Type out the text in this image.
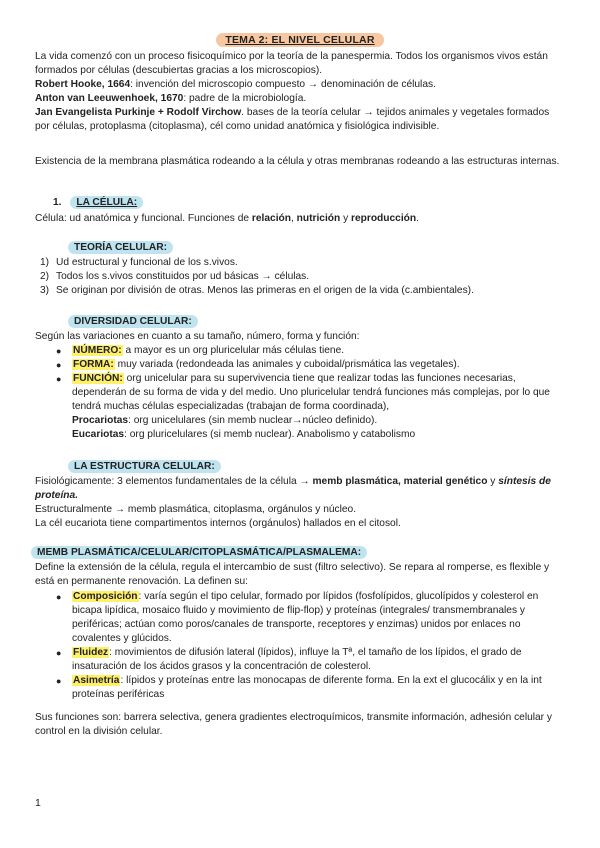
TEMA 2: EL NIVEL CELULAR
La vida comenzó con un proceso fisicoquímico por la teoría de la panespermia. Todos los organismos vivos están formados por células (descubiertas gracias a los microscopios).
Robert Hooke, 1664: invención del microscopio compuesto → denominación de células.
Anton van Leeuwenhoek, 1670: padre de la microbiología.
Jan Evangelista Purkinje + Rodolf Virchow. bases de la teoría celular → tejidos animales y vegetales formados por células, protoplasma (citoplasma), cél como unidad anatómica y fisiológica indivisible.
Existencia de la membrana plasmática rodeando a la célula y otras membranas rodeando a las estructuras internas.
1. LA CÉLULA:
Célula: ud anatómica y funcional. Funciones de relación, nutrición y reproducción.
TEORÍA CELULAR:
1) Ud estructural y funcional de los s.vivos.
2) Todos los s.vivos constituidos por ud básicas → células.
3) Se originan por división de otras. Menos las primeras en el origen de la vida (c.ambientales).
DIVERSIDAD CELULAR:
Según las variaciones en cuanto a su tamaño, número, forma y función:
● NÚMERO: a mayor es un org pluricelular más células tiene.
● FORMA: muy variada (redondeada las animales y cuboidal/prismática las vegetales).
● FUNCIÓN: org unicelular para su supervivencia tiene que realizar todas las funciones necesarias, dependerán de su forma de vida y del medio. Uno pluricelular tendrá funciones más complejas, por lo que tendrá muchas células especializadas (trabajan de forma coordinada),
Procariotas: org unicelulares (sin memb nuclear→núcleo definido).
Eucariotas: org pluricelulares (si memb nuclear). Anabolismo y catabolismo
LA ESTRUCTURA CELULAR:
Fisiológicamente: 3 elementos fundamentales de la célula → memb plasmática, material genético y síntesis de proteína.
Estructuralmente → memb plasmática, citoplasma, orgánulos y núcleo.
La cél eucariota tiene compartimentos internos (orgánulos) hallados en el citosol.
MEMB PLASMÁTICA/CELULAR/CITOPLASMÁTICA/PLASMALEMA:
Define la extensión de la célula, regula el intercambio de sust (filtro selectivo). Se repara al romperse, es flexible y está en permanente renovación. La definen su:
● Composición: varía según el tipo celular, formado por lípidos (fosfolípidos, glucolípidos y colesterol en bicapa lipídica, mosaico fluido y movimiento de flip-flop) y proteínas (integrales/ transmembranales y periféricas; actúan como poros/canales de transporte, receptores y enzimas) unidos por enlaces no covalentes y glúcidos.
● Fluidez: movimientos de difusión lateral (lípidos), influye la Tª, el tamaño de los lípidos, el grado de insaturación de los ácidos grasos y la concentración de colesterol.
● Asimetría: lípidos y proteínas entre las monocapas de diferente forma. En la ext el glucocálix y en la int proteínas periféricas
Sus funciones son: barrera selectiva, genera gradientes electroquímicos, transmite información, adhesión celular y control en la división celular.
1
